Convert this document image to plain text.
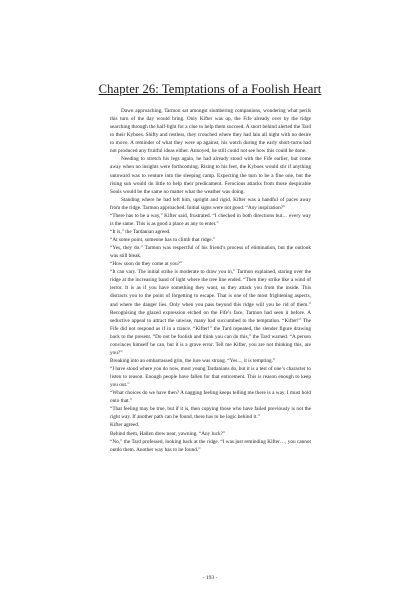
Chapter 26: Temptations of a Foolish Heart

Dawn approaching, Tarmon sat amongst slumbering companions, wondering what perils this turn of the day would bring. Only Kifter was up, the Fife already over by the ridge searching through the half-light for a clue to help them succeed. A snort behind alerted the Tard to their Kyboes. Shifty and restless, they crouched where they had lain all night with no desire to move. A reminder of what they were up against, his watch during the early short-turns had not produced any fruitful ideas either. Annoyed, he still could not see how this could be done.

Needing to stretch his legs again, he had already stood with the Fife earlier, but come away when no insights were forthcoming. Rising to his feet, the Kyboes would stir if anything untoward was to venture into the sleeping camp. Expecting the turn to be a fine one, but the rising sun would do little to help their predicament. Ferocious attacks from those despicable Souls would be the same no matter what the weather was doing.

Standing where he had left him, upright and rigid, Kifter was a handful of paces away from the ridge. Tarmon approached. Initial signs were not good. “Any inspiration?”

“There has to be a way,” Kifter said, frustrated. “I checked in both directions but… every way is the same. This is as good a place as any to enter.”

“It is,” the Tardanian agreed.

“At some point, someone has to climb that ridge.”

“Yes, they do.” Tarmon was respectful of his friend’s process of elimination, but the outlook was still bleak.

“How soon do they come at you?”

“It can vary. The initial strike is moderate to draw you in,” Tarmon explained, staring over the ridge at the increasing band of light where the tree line ended. “Then they strike like a wind of terror. It is as if you have something they want, so they attack you from the inside. This distracts you to the point of forgetting to escape. That is one of the most frightening aspects, and where the danger lies. Only when you pass beyond this ridge will you be rid of them.” Recognising the glazed expression etched on the Fife’s face, Tarmon had seen it before. A seductive appeal to attract the unwise, many had succumbed to the temptation. “Kifter!” The Fife did not respond as if in a trance. “Kifter!” the Tard repeated, the slender figure drawing back to the present. “Do not be foolish and think you can do this,” the Tard warned. “A person convinces himself he can, but it is a grave error. Tell me Kifter, you are not thinking this, are you?”

Breaking into an embarrassed grin, the lure was strong. “Yes..., it is tempting.”

“I have stood where you do now, most young Tardanians do, but it is a test of one’s character to listen to reason. Enough people have fallen for that enticement. This is reason enough to keep you out.”

“What choices do we have then? A nagging feeling keeps telling me there is a way. I must hold onto that.”

“That feeling may be true, but if it is, then copying those who have failed previously is not the right way. If another path can be found, there has to be logic behind it.”

Kifter agreed.

Behind them, Hallen drew near, yawning. “Any luck?”

“No,” the Tard professed, looking back at the ridge. “I was just reminding Kifter…, you cannot outdo them. Another way has to be found.”

- 193 -
